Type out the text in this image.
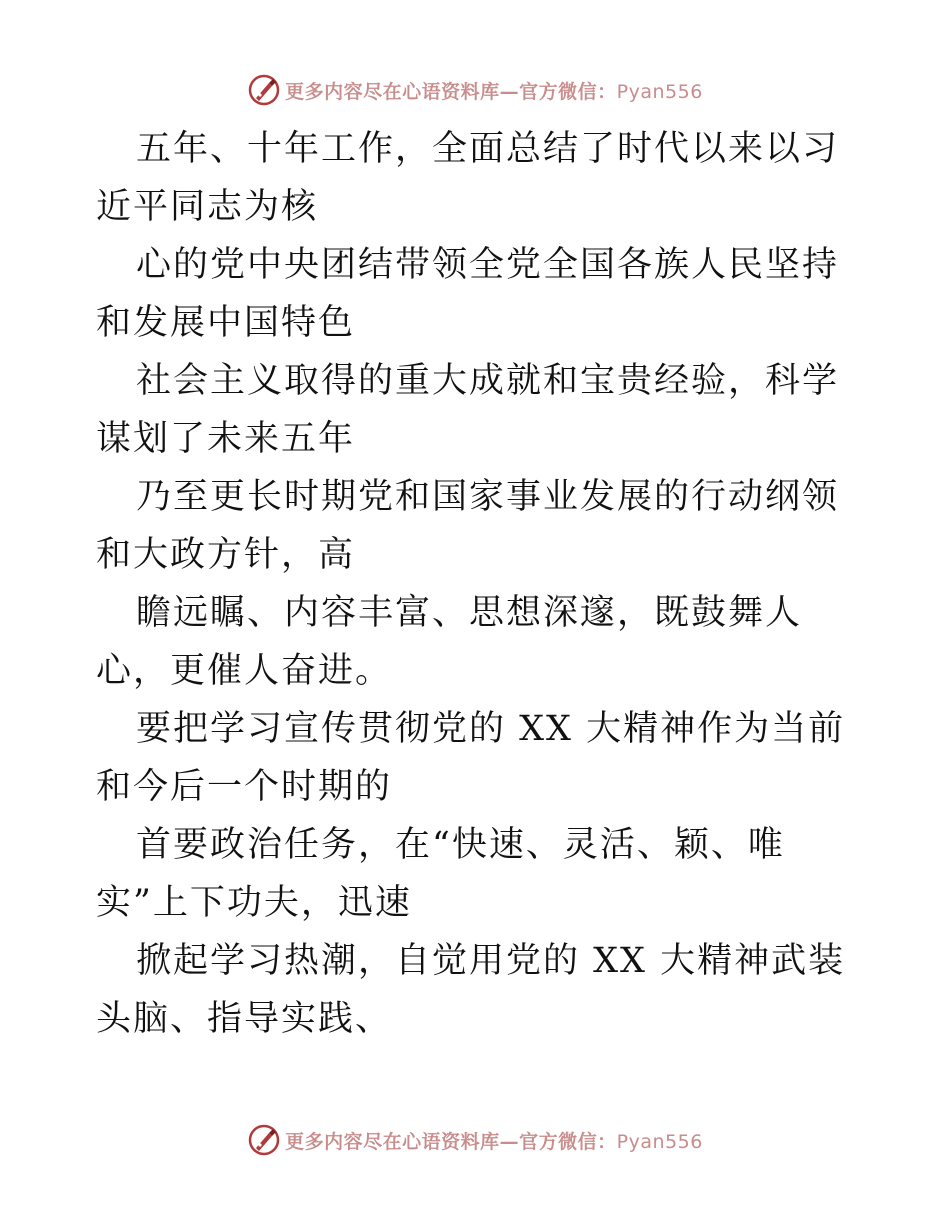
更多内容尽在心语资料库—官方微信：Pyan556

五年、十年工作，全面总结了时代以来以习近平同志为核

心的党中央团结带领全党全国各族人民坚持和发展中国特色

社会主义取得的重大成就和宝贵经验，科学谋划了未来五年

乃至更长时期党和国家事业发展的行动纲领和大政方针，高

瞻远瞩、内容丰富、思想深邃，既鼓舞人心，更催人奋进。

要把学习宣传贯彻党的 XX 大精神作为当前和今后一个时期的

首要政治任务，在“快速、灵活、颖、唯实”上下功夫，迅速

掀起学习热潮，自觉用党的 XX 大精神武装头脑、指导实践、

更多内容尽在心语资料库—官方微信：Pyan556
